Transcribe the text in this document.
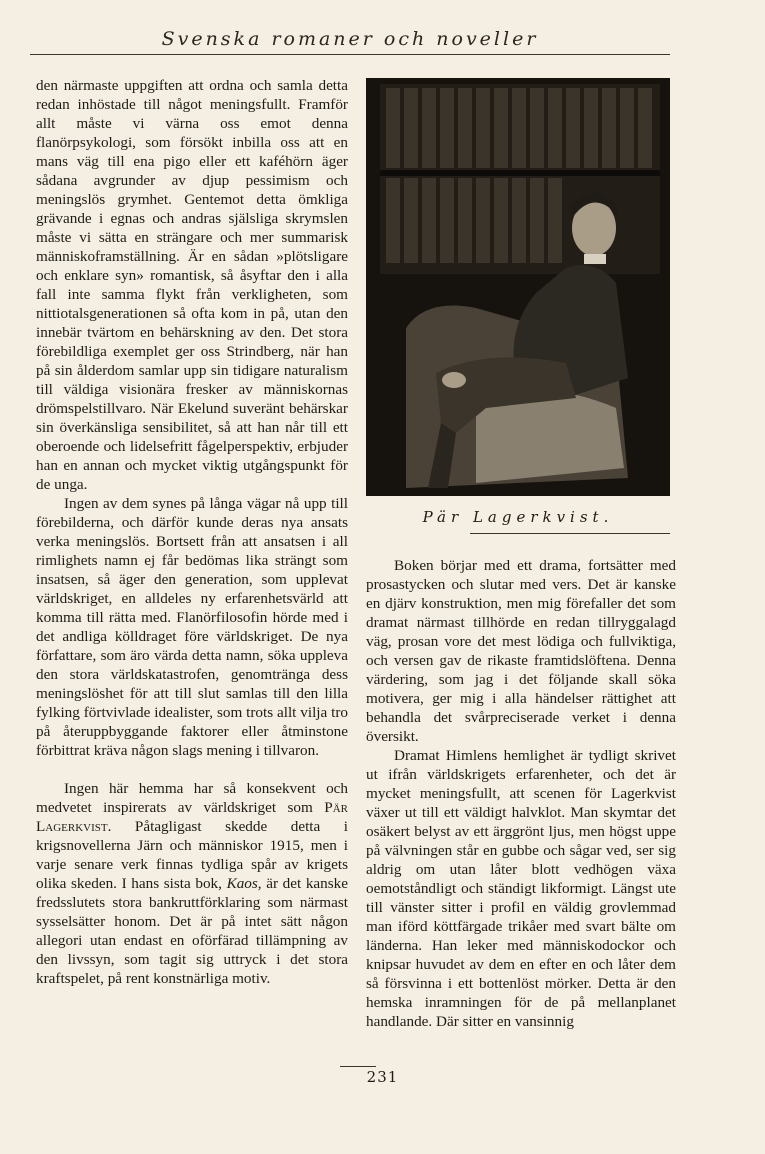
Svenska romaner och noveller

den närmaste uppgiften att ordna och samla detta redan inhöstade till något meningsfullt. Framför allt måste vi värna oss emot denna flanörpsykologi, som försökt inbilla oss att en mans väg till ena pigo eller ett kaféhörn äger sådana avgrunder av djup pessimism och meningslös grymhet. Gentemot detta ömkliga grävande i egnas och andras själsliga skrymslen måste vi sätta en strängare och mer summarisk människoframställning. Är en sådan »plötsligare och enklare syn» romantisk, så åsyftar den i alla fall inte samma flykt från verkligheten, som nittiotalsgenerationen så ofta kom in på, utan den innebär tvärtom en behärskning av den. Det stora förebildliga exemplet ger oss Strindberg, när han på sin ålderdom samlar upp sin tidigare naturalism till väldiga visionära fresker av människornas drömspelstillvaro. När Ekelund suveränt behärskar sin överkänsliga sensibilitet, så att han når till ett oberoende och lidelsefritt fågelperspektiv, erbjuder han en annan och mycket viktig utgångspunkt för de unga.

Ingen av dem synes på långa vägar nå upp till förebilderna, och därför kunde deras nya ansats verka meningslös. Bortsett från att ansatsen i all rimlighets namn ej får bedömas lika strängt som insatsen, så äger den generation, som upplevat världskriget, en alldeles ny erfarenhetsvärld att komma till rätta med. Flanörfilosofin hörde med i det andliga kölldraget före världskriget. De nya författare, som äro värda detta namn, söka uppleva den stora världskatastrofen, genomtränga dess meningslöshet för att till slut samlas till den lilla fylking förtvivlade idealister, som trots allt vilja tro på återuppbyggande faktorer eller åtminstone förbittrat kräva någon slags mening i tillvaron.

Ingen här hemma har så konsekvent och medvetet inspirerats av världskriget som Pär Lagerkvist. Påtagligast skedde detta i krigsnovellerna Järn och människor 1915, men i varje senare verk finnas tydliga spår av krigets olika skeden. I hans sista bok, Kaos, är det kanske fredsslutets stora bankruttförklaring som närmast sysselsätter honom. Det är på intet sätt någon allegori utan endast en oförfärad tillämpning av den livssyn, som tagit sig uttryck i det stora kraftspelet, på rent konstnärliga motiv.

Pär Lagerkvist.

Boken börjar med ett drama, fortsätter med prosastycken och slutar med vers. Det är kanske en djärv konstruktion, men mig förefaller det som dramat närmast tillhörde en redan tillryggalagd väg, prosan vore det mest lödiga och fullviktiga, och versen gav de rikaste framtidslöftena. Denna värdering, som jag i det följande skall söka motivera, ger mig i alla händelser rättighet att behandla det svårpreciserade verket i denna översikt.

Dramat Himlens hemlighet är tydligt skrivet ut ifrån världskrigets erfarenheter, och det är mycket meningsfullt, att scenen för Lagerkvist växer ut till ett väldigt halvklot. Man skymtar det osäkert belyst av ett ärggrönt ljus, men högst uppe på välvningen står en gubbe och sågar ved, ser sig aldrig om utan låter blott vedhögen växa oemotståndligt och ständigt likformigt. Längst ute till vänster sitter i profil en väldig grovlemmad man iförd köttfärgade trikåer med svart bälte om länderna. Han leker med människodockor och knipsar huvudet av dem en efter en och låter dem så försvinna i ett bottenlöst mörker. Detta är den hemska inramningen för de på mellanplanet handlande. Där sitter en vansinnig

231
